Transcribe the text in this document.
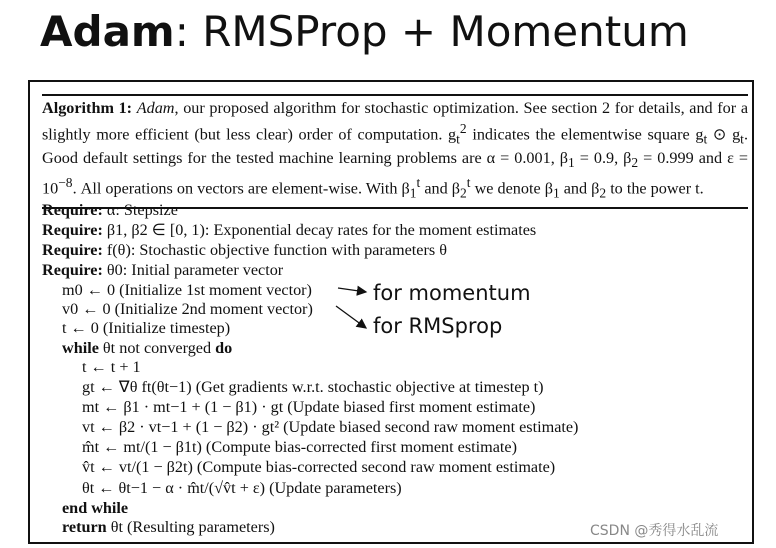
Adam: RMSProp + Momentum
Algorithm 1: Adam, our proposed algorithm for stochastic optimization. See section 2 for details, and for a slightly more efficient (but less clear) order of computation. $g_t^2$ indicates the elementwise square $g_t$ ⊙ $g_t$. Good default settings for the tested machine learning problems are α = 0.001, $\beta_1 = 0.9$, $\beta_2 = 0.999$ and $\varepsilon = 10^{-8}$. All operations on vectors are element-wise. With $\beta_1^t$ and $\beta_2^t$ we denote $\beta_1$ and $\beta_2$ to the power t.
Require: α: Stepsize
Require: β1, β2 ∈ [0, 1): Exponential decay rates for the moment estimates
Require: f(θ): Stochastic objective function with parameters θ
Require: θ0: Initial parameter vector
m0 ← 0 (Initialize 1st moment vector)
v0 ← 0 (Initialize 2nd moment vector)
t ← 0 (Initialize timestep)
while θt not converged do
t ← t + 1
gt ← ∇θ ft(θt−1) (Get gradients w.r.t. stochastic objective at timestep t)
mt ← β1 · mt−1 + (1 − β1) · gt (Update biased first moment estimate)
vt ← β2 · vt−1 + (1 − β2) · gt² (Update biased second raw moment estimate)
m̂t ← mt/(1 − β1t) (Compute bias-corrected first moment estimate)
v̂t ← vt/(1 − β2t) (Compute bias-corrected second raw moment estimate)
θt ← θt−1 − α · m̂t/(√v̂t + ε) (Update parameters)
end while
return θt (Resulting parameters)
for momentum
for RMSprop
CSDN @秀得水乱流
